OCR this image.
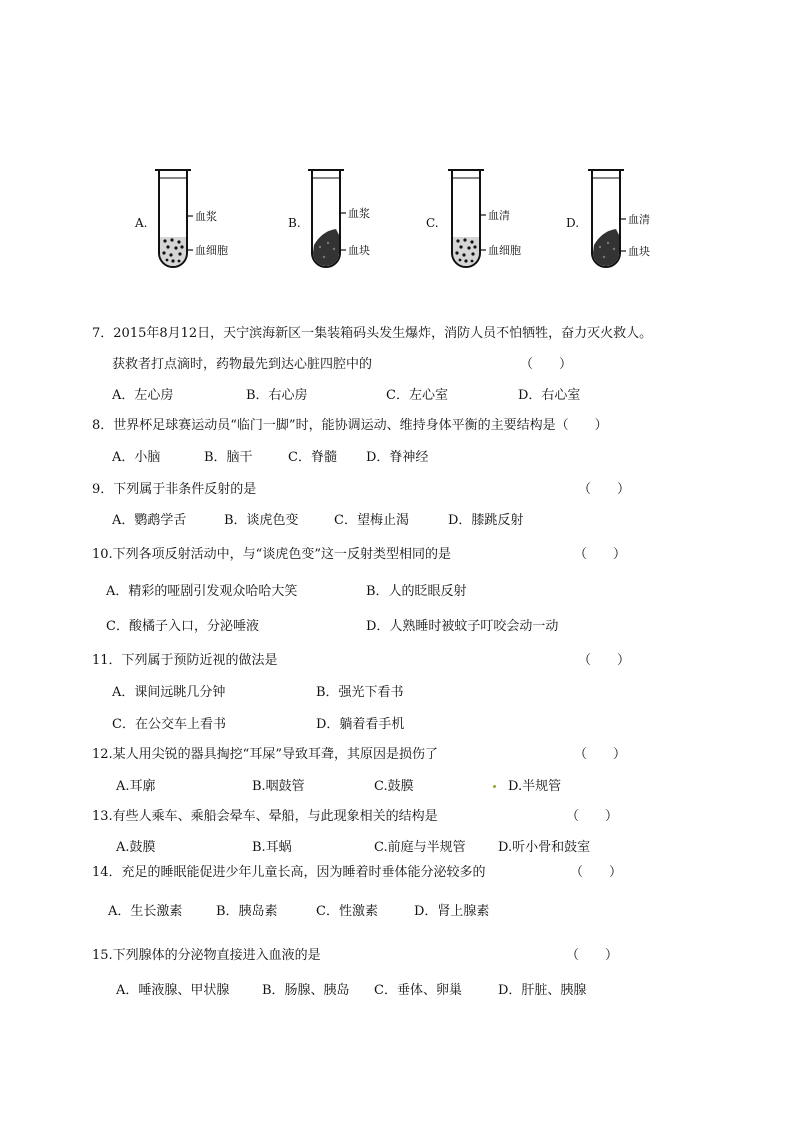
A.	血浆
血细胞
B.
血浆
血块
C.
血清
血细胞
D.	血清
血块
7．2015年8月12日，天宁滨海新区一集装箱码头发生爆炸，消防人员不怕牺牲，奋力灭火救人。
获救者打点滴时，药物最先到达心脏四腔中的	（　　）
A．左心房	B．右心房	C．左心室	D．右心室
8．世界杯足球赛运动员“临门一脚”时，能协调运动、维持身体平衡的主要结构是（　　）
A．小脑	B．脑干	C．脊髓 D．脊神经
9．下列属于非条件反射的是	（　　）
A．鹦鹉学舌	B．谈虎色变	C．望梅止渴	D．膝跳反射
10.下列各项反射活动中，与“谈虎色变”这一反射类型相同的是	（　　）
A．精彩的哑剧引发观众哈哈大笑	B．人的眨眼反射
C．酸橘子入口，分泌唾液	D．人熟睡时被蚊子叮咬会动一动
11．下列属于预防近视的做法是	（　　）
A．课间远眺几分钟	B．强光下看书
C．在公交车上看书	D．躺着看手机
12.某人用尖锐的器具掏挖“耳屎”导致耳聋，其原因是损伤了	（　　）
A.耳廓	B.咽鼓管	C.鼓膜	D.半规管
13.有些人乘车、乘船会晕车、晕船，与此现象相关的结构是	（　　）
A.鼓膜	B.耳蜗	C.前庭与半规管 D.听小骨和鼓室
14．充足的睡眠能促进少年儿童长高，因为睡着时垂体能分泌较多的	（　　）
A．生长激素	B．胰岛素	C．性激素	D．肾上腺素
15.下列腺体的分泌物直接进入血液的是	（　　）
A．唾液腺、甲状腺	B．肠腺、胰岛 C．垂体、卵巢	D．肝脏、胰腺
